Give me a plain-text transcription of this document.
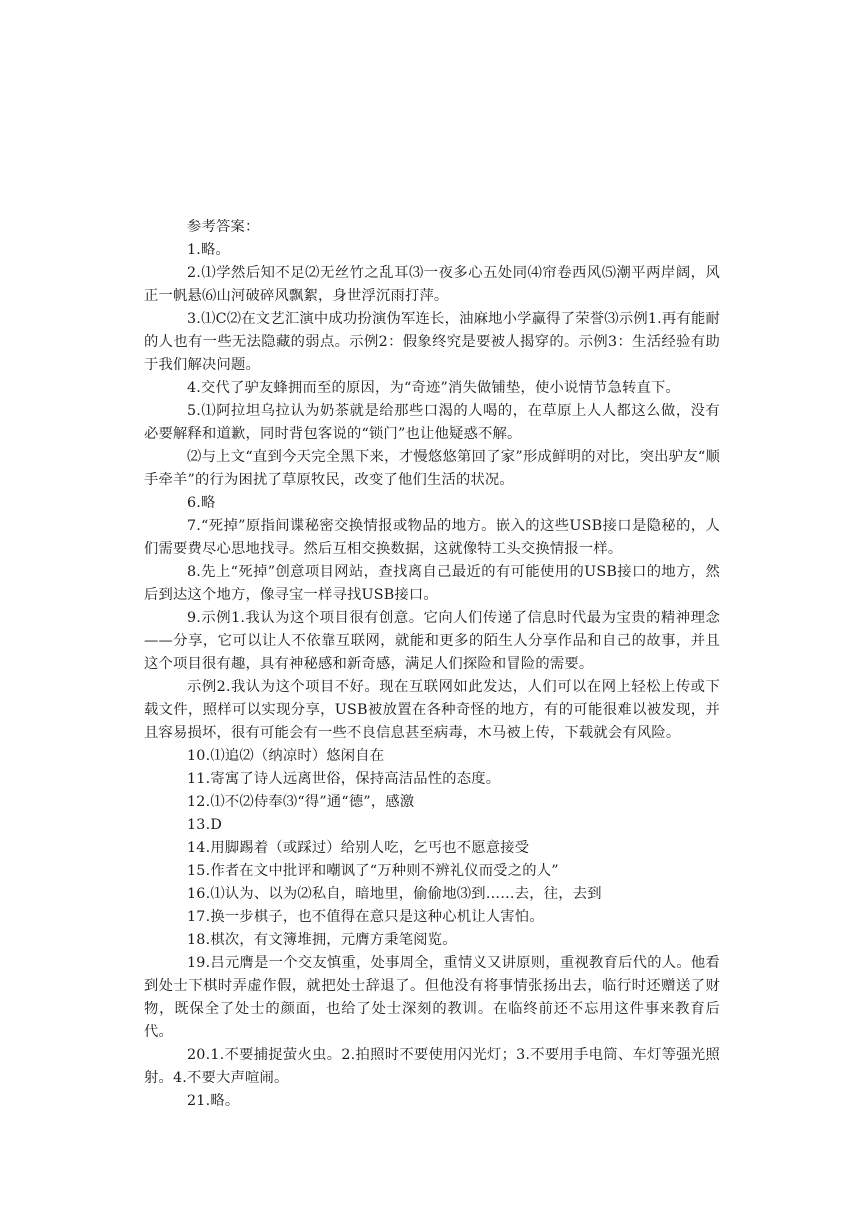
参考答案：

1.略。

2.⑴学然后知不足⑵无丝竹之乱耳⑶一夜多心五处同⑷帘卷西风⑸潮平两岸阔，风正一帆悬⑹山河破碎风飘絮，身世浮沉雨打萍。

3.⑴C⑵在文艺汇演中成功扮演伪军连长，油麻地小学赢得了荣誉⑶示例1.再有能耐的人也有一些无法隐藏的弱点。示例2：假象终究是要被人揭穿的。示例3：生活经验有助于我们解决问题。

4.交代了驴友蜂拥而至的原因，为“奇迹”消失做铺垫，使小说情节急转直下。

5.⑴阿拉坦乌拉认为奶茶就是给那些口渴的人喝的，在草原上人人都这么做，没有必要解释和道歉，同时背包客说的“锁门”也让他疑惑不解。

⑵与上文“直到今天完全黑下来，才慢悠悠第回了家”形成鲜明的对比，突出驴友“顺手牵羊”的行为困扰了草原牧民，改变了他们生活的状况。

6.略

7.“死掉”原指间谍秘密交换情报或物品的地方。嵌入的这些USB接口是隐秘的，人们需要费尽心思地找寻。然后互相交换数据，这就像特工头交换情报一样。

8.先上“死掉”创意项目网站，查找离自己最近的有可能使用的USB接口的地方，然后到达这个地方，像寻宝一样寻找USB接口。

9.示例1.我认为这个项目很有创意。它向人们传递了信息时代最为宝贵的精神理念——分享，它可以让人不依靠互联网，就能和更多的陌生人分享作品和自己的故事，并且这个项目很有趣，具有神秘感和新奇感，满足人们探险和冒险的需要。

示例2.我认为这个项目不好。现在互联网如此发达，人们可以在网上轻松上传或下载文件，照样可以实现分享，USB被放置在各种奇怪的地方，有的可能很难以被发现，并且容易损坏，很有可能会有一些不良信息甚至病毒，木马被上传，下载就会有风险。

10.⑴追⑵（纳凉时）悠闲自在

11.寄寓了诗人远离世俗，保持高洁品性的态度。

12.⑴不⑵侍奉⑶“得”通“德”，感激

13.D

14.用脚踢着（或踩过）给别人吃，乞丐也不愿意接受

15.作者在文中批评和嘲讽了“万种则不辨礼仪而受之的人”

16.⑴认为、以为⑵私自，暗地里，偷偷地⑶到……去，往，去到

17.换一步棋子，也不值得在意只是这种心机让人害怕。

18.棋次，有文簿堆拥，元膺方秉笔阅览。

19.吕元膺是一个交友慎重，处事周全，重情义又讲原则，重视教育后代的人。他看到处士下棋时弄虚作假，就把处士辞退了。但他没有将事情张扬出去，临行时还赠送了财物，既保全了处士的颜面，也给了处士深刻的教训。在临终前还不忘用这件事来教育后代。

20.1.不要捕捉萤火虫。2.拍照时不要使用闪光灯；3.不要用手电筒、车灯等强光照射。4.不要大声喧闹。

21.略。
